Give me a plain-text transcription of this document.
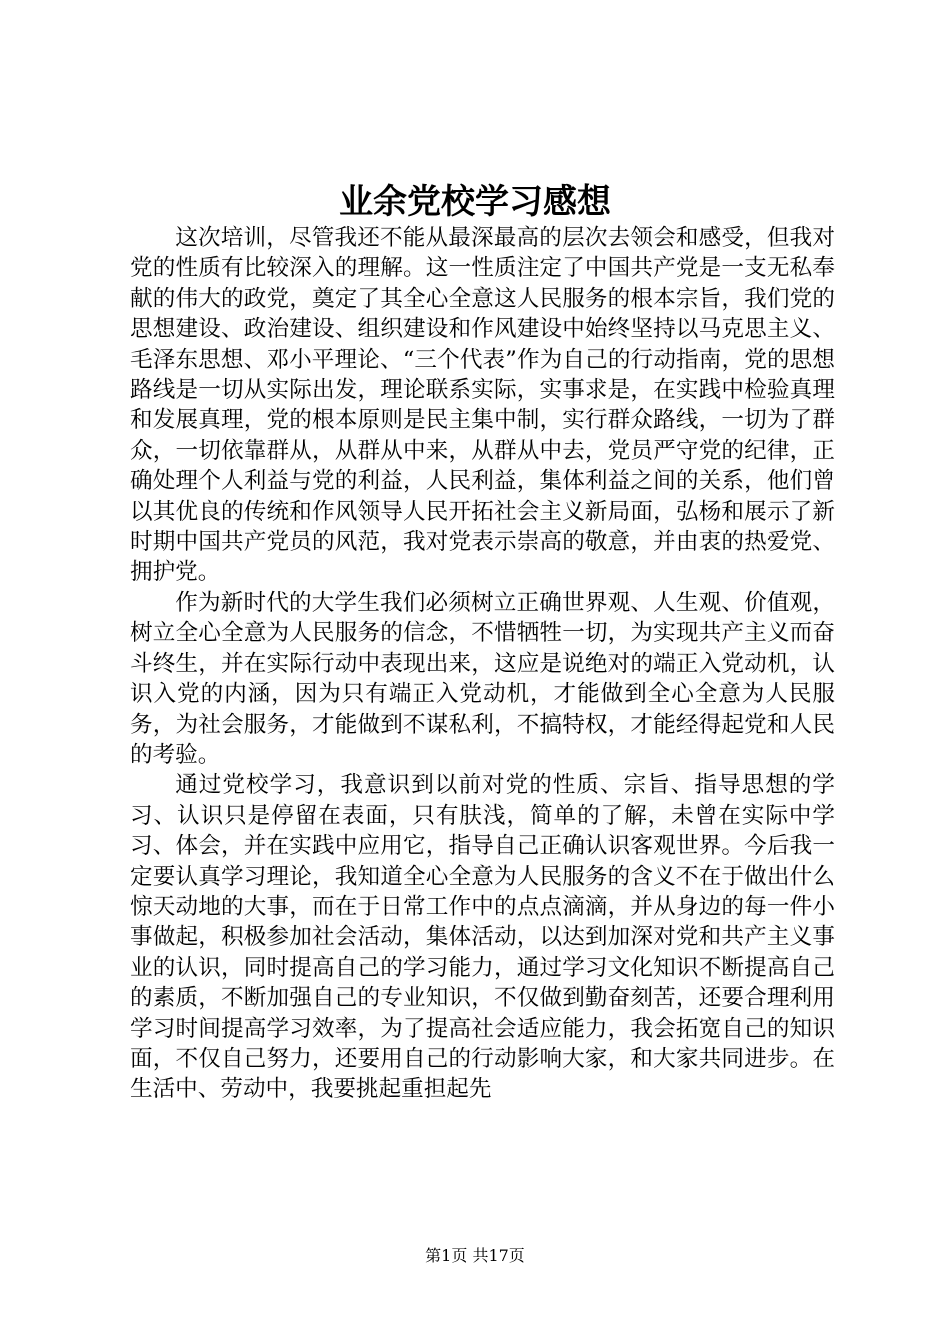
业余党校学习感想

这次培训，尽管我还不能从最深最高的层次去领会和感受，但我对党的性质有比较深入的理解。这一性质注定了中国共产党是一支无私奉献的伟大的政党，奠定了其全心全意这人民服务的根本宗旨，我们党的思想建设、政治建设、组织建设和作风建设中始终坚持以马克思主义、毛泽东思想、邓小平理论、“三个代表”作为自己的行动指南，党的思想路线是一切从实际出发，理论联系实际，实事求是，在实践中检验真理和发展真理，党的根本原则是民主集中制，实行群众路线，一切为了群众，一切依靠群从，从群从中来，从群从中去，党员严守党的纪律，正确处理个人利益与党的利益，人民利益，集体利益之间的关系，他们曾以其优良的传统和作风领导人民开拓社会主义新局面，弘杨和展示了新时期中国共产党员的风范，我对党表示崇高的敬意，并由衷的热爱党、拥护党。

作为新时代的大学生我们必须树立正确世界观、人生观、价值观，树立全心全意为人民服务的信念，不惜牺牲一切，为实现共产主义而奋斗终生，并在实际行动中表现出来，这应是说绝对的端正入党动机，认识入党的内涵，因为只有端正入党动机，才能做到全心全意为人民服务，为社会服务，才能做到不谋私利，不搞特权，才能经得起党和人民的考验。

通过党校学习，我意识到以前对党的性质、宗旨、指导思想的学习、认识只是停留在表面，只有肤浅，简单的了解，未曾在实际中学习、体会，并在实践中应用它，指导自己正确认识客观世界。今后我一定要认真学习理论，我知道全心全意为人民服务的含义不在于做出什么惊天动地的大事，而在于日常工作中的点点滴滴，并从身边的每一件小事做起，积极参加社会活动，集体活动，以达到加深对党和共产主义事业的认识，同时提高自己的学习能力，通过学习文化知识不断提高自己的素质，不断加强自己的专业知识，不仅做到勤奋刻苦，还要合理利用学习时间提高学习效率，为了提高社会适应能力，我会拓宽自己的知识面，不仅自己努力，还要用自己的行动影响大家，和大家共同进步。在生活中、劳动中，我要挑起重担起先

第1页 共17页
